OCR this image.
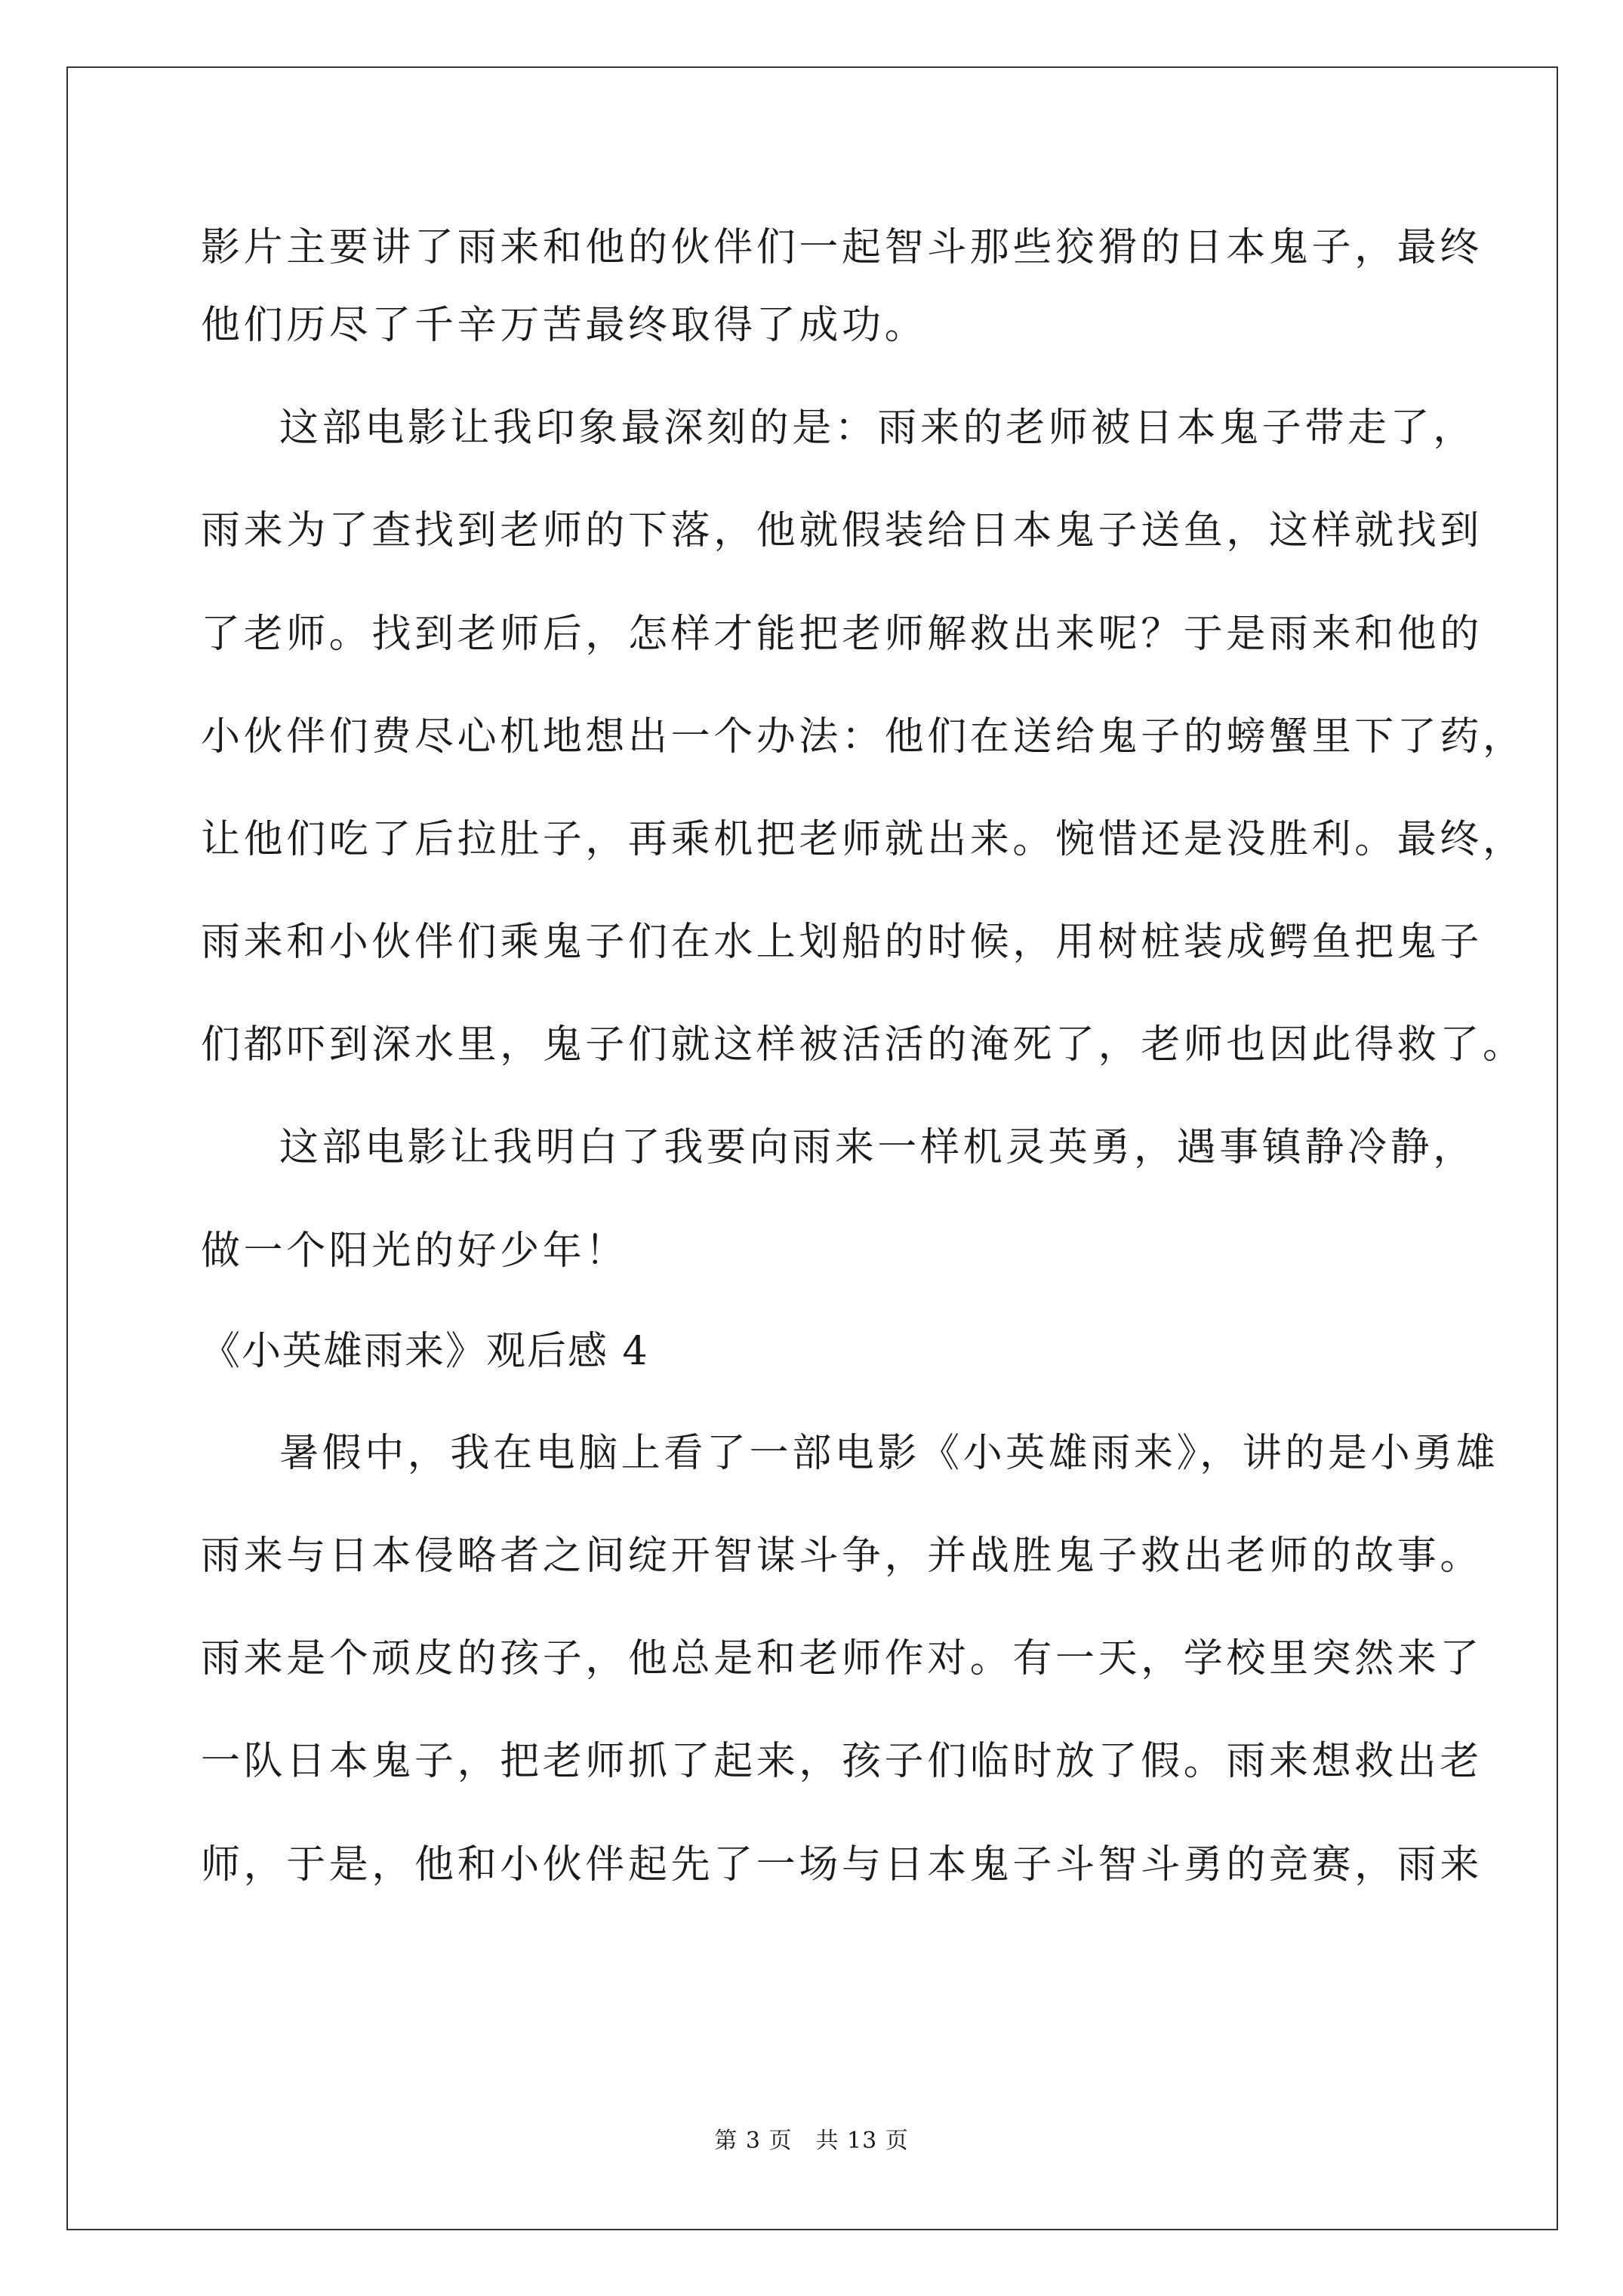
影片主要讲了雨来和他的伙伴们一起智斗那些狡猾的日本鬼子，最终
他们历尽了千辛万苦最终取得了成功。
这部电影让我印象最深刻的是：雨来的老师被日本鬼子带走了，
雨来为了查找到老师的下落，他就假装给日本鬼子送鱼，这样就找到
了老师。找到老师后，怎样才能把老师解救出来呢？于是雨来和他的
小伙伴们费尽心机地想出一个办法：他们在送给鬼子的螃蟹里下了药，
让他们吃了后拉肚子，再乘机把老师就出来。惋惜还是没胜利。最终，
雨来和小伙伴们乘鬼子们在水上划船的时候，用树桩装成鳄鱼把鬼子
们都吓到深水里，鬼子们就这样被活活的淹死了，老师也因此得救了。
这部电影让我明白了我要向雨来一样机灵英勇，遇事镇静冷静，
做一个阳光的好少年！
《小英雄雨来》观后感 4
暑假中，我在电脑上看了一部电影《小英雄雨来》，讲的是小勇雄
雨来与日本侵略者之间绽开智谋斗争，并战胜鬼子救出老师的故事。
雨来是个顽皮的孩子，他总是和老师作对。有一天，学校里突然来了
一队日本鬼子，把老师抓了起来，孩子们临时放了假。雨来想救出老
师，于是，他和小伙伴起先了一场与日本鬼子斗智斗勇的竞赛，雨来
第 3 页　共 13 页
